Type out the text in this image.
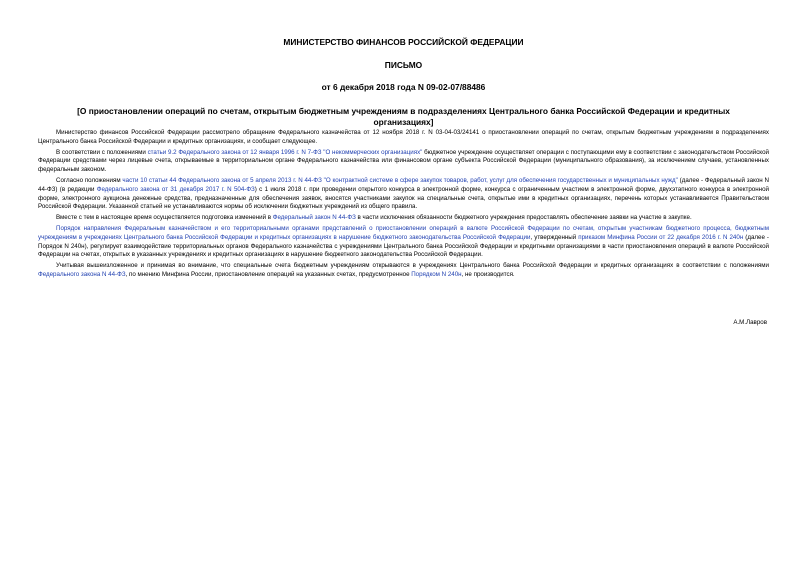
МИНИСТЕРСТВО ФИНАНСОВ РОССИЙСКОЙ ФЕДЕРАЦИИ
ПИСЬМО
от 6 декабря 2018 года N 09-02-07/88486
[О приостановлении операций по счетам, открытым бюджетным учреждениям в подразделениях Центрального банка Российской Федерации и кредитных организациях]

Министерство финансов Российской Федерации рассмотрело обращение Федерального казначейства от 12 ноября 2018 г. N 03-04-03/24141 о приостановлении операций по счетам, открытым бюджетным учреждениям в подразделениях Центрального банка Российской Федерации и кредитных организациях, и сообщает следующее.

В соответствии с положениями статьи 9.2 Федерального закона от 12 января 1996 г. N 7-ФЗ "О некоммерческих организациях" бюджетное учреждение осуществляет операции с поступающими ему в соответствии с законодательством Российской Федерации средствами через лицевые счета, открываемые в территориальном органе Федерального казначейства или финансовом органе субъекта Российской Федерации (муниципального образования), за исключением случаев, установленных федеральным законом.

Согласно положениям части 10 статьи 44 Федерального закона от 5 апреля 2013 г. N 44-ФЗ "О контрактной системе в сфере закупок товаров, работ, услуг для обеспечения государственных и муниципальных нужд" (далее - Федеральный закон N 44-ФЗ) (в редакции Федерального закона от 31 декабря 2017 г. N 504-ФЗ) с 1 июля 2018 г. при проведении открытого конкурса в электронной форме, конкурса с ограниченным участием в электронной форме, двухэтапного конкурса в электронной форме, электронного аукциона денежные средства, предназначенные для обеспечения заявок, вносятся участниками закупок на специальные счета, открытые ими в кредитных организациях, перечень которых устанавливается Правительством Российской Федерации. Указанной статьей не устанавливаются нормы об исключении бюджетных учреждений из общего правила.

Вместе с тем в настоящее время осуществляется подготовка изменений в Федеральный закон N 44-ФЗ в части исключения обязанности бюджетного учреждения предоставлять обеспечение заявки на участие в закупке.

Порядок направления Федеральным казначейством и его территориальными органами представлений о приостановлении операций в валюте Российской Федерации по счетам, открытым участникам бюджетного процесса, бюджетным учреждениям в учреждениях Центрального банка Российской Федерации и кредитных организациях в нарушение бюджетного законодательства Российской Федерации, утвержденный приказом Минфина России от 22 декабря 2016 г. N 240н (далее - Порядок N 240н), регулирует взаимодействие территориальных органов Федерального казначейства с учреждениями Центрального банка Российской Федерации и кредитными организациями в части приостановления операций в валюте Российской Федерации на счетах, открытых в указанных учреждениях и кредитных организациях в нарушение бюджетного законодательства Российской Федерации.

Учитывая вышеизложенное и принимая во внимание, что специальные счета бюджетным учреждениям открываются в учреждениях Центрального банка Российской Федерации и кредитных организациях в соответствии с положениями Федерального закона N 44-ФЗ, по мнению Минфина России, приостановление операций на указанных счетах, предусмотренное Порядком N 240н, не производится.

А.М.Лавров
